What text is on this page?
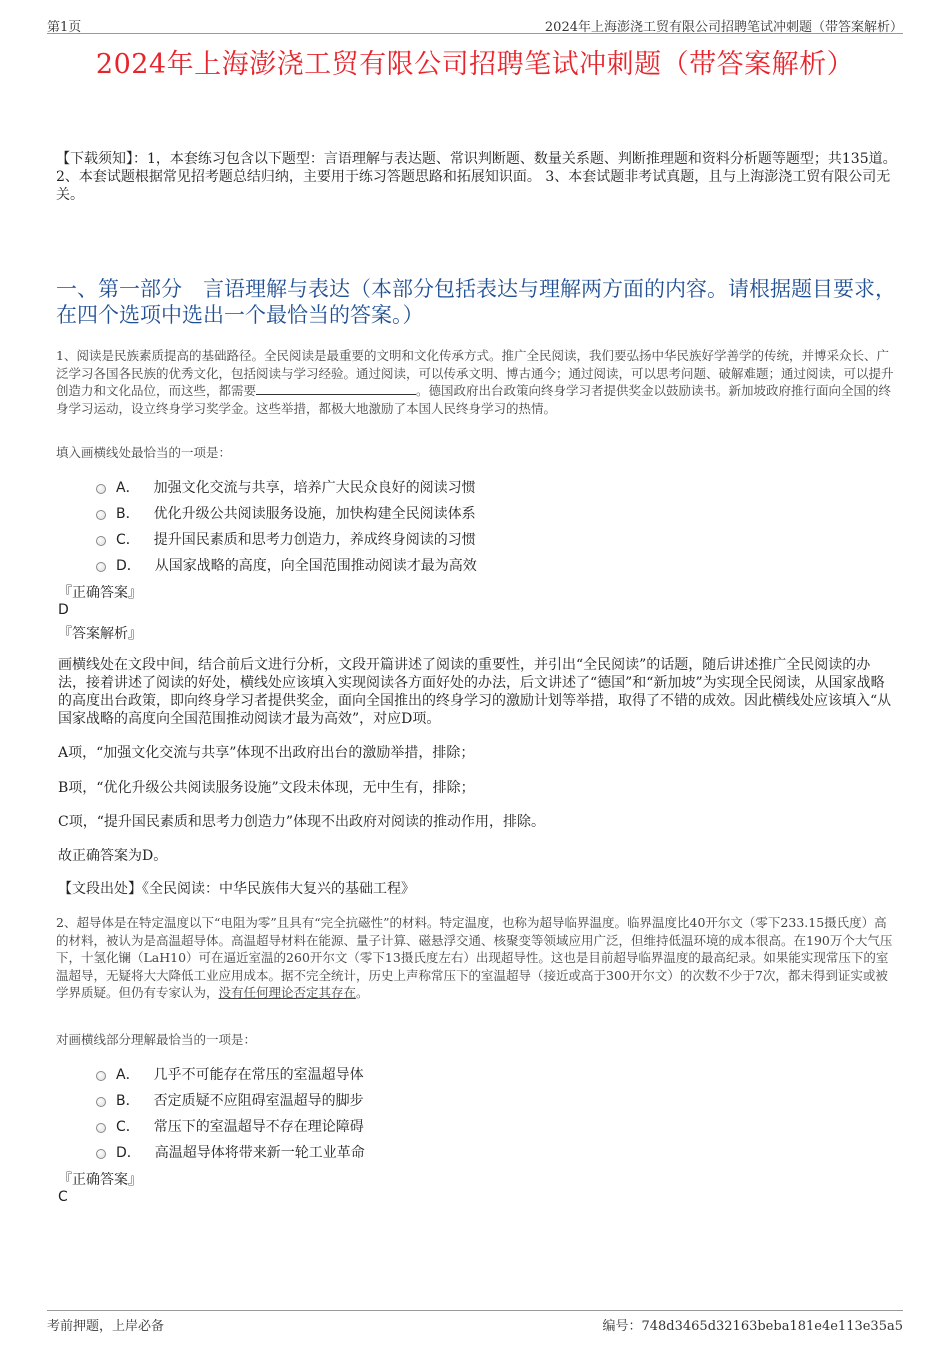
第1页	2024年上海澎浇工贸有限公司招聘笔试冲刺题（带答案解析）
2024年上海澎浇工贸有限公司招聘笔试冲刺题（带答案解析）
【下载须知】：1，本套练习包含以下题型：言语理解与表达题、常识判断题、数量关系题、判断推理题和资料分析题等题型；共135道。 2、本套试题根据常见招考题总结归纳，主要用于练习答题思路和拓展知识面。 3、本套试题非考试真题，且与上海澎浇工贸有限公司无关。
一、第一部分　言语理解与表达（本部分包括表达与理解两方面的内容。请根据题目要求，在四个选项中选出一个最恰当的答案。）
1、阅读是民族素质提高的基础路径。全民阅读是最重要的文明和文化传承方式。推广全民阅读，我们要弘扬中华民族好学善学的传统，并博采众长、广泛学习各国各民族的优秀文化，包括阅读与学习经验。通过阅读，可以传承文明、博古通今；通过阅读，可以思考问题、破解难题；通过阅读，可以提升创造力和文化品位，而这些，都需要	。德国政府出台政策向终身学习者提供奖金以鼓励读书。新加坡政府推行面向全国的终身学习运动，设立终身学习奖学金。这些举措，都极大地激励了本国人民终身学习的热情。
填入画横线处最恰当的一项是：
A． 加强文化交流与共享，培养广大民众良好的阅读习惯
B． 优化升级公共阅读服务设施，加快构建全民阅读体系
C． 提升国民素质和思考力创造力，养成终身阅读的习惯
D． 从国家战略的高度，向全国范围推动阅读才最为高效
『正确答案』
D
『答案解析』
画横线处在文段中间，结合前后文进行分析，文段开篇讲述了阅读的重要性，并引出“全民阅读”的话题，随后讲述推广全民阅读的办法，接着讲述了阅读的好处，横线处应该填入实现阅读各方面好处的办法，后文讲述了“德国”和“新加坡”为实现全民阅读，从国家战略的高度出台政策，即向终身学习者提供奖金，面向全国推出的终身学习的激励计划等举措，取得了不错的成效。因此横线处应该填入“从国家战略的高度向全国范围推动阅读才最为高效”，对应D项。
A项，“加强文化交流与共享”体现不出政府出台的激励举措，排除；
B项，“优化升级公共阅读服务设施”文段未体现，无中生有，排除；
C项，“提升国民素质和思考力创造力”体现不出政府对阅读的推动作用，排除。
故正确答案为D。
【文段出处】《全民阅读：中华民族伟大复兴的基础工程》
2、超导体是在特定温度以下“电阻为零”且具有“完全抗磁性”的材料。特定温度，也称为超导临界温度。临界温度比40开尔文（零下233.15摄氏度）高的材料，被认为是高温超导体。高温超导材料在能源、量子计算、磁悬浮交通、核聚变等领域应用广泛，但维持低温环境的成本很高。在190万个大气压下，十氢化镧（LaH10）可在逼近室温的260开尔文（零下13摄氏度左右）出现超导性。这也是目前超导临界温度的最高纪录。如果能实现常压下的室温超导，无疑将大大降低工业应用成本。据不完全统计，历史上声称常压下的室温超导（接近或高于300开尔文）的次数不少于7次，都未得到证实或被学界质疑。但仍有专家认为，没有任何理论否定其存在。
对画横线部分理解最恰当的一项是：
A． 几乎不可能存在常压的室温超导体
B． 否定质疑不应阻碍室温超导的脚步
C． 常压下的室温超导不存在理论障碍
D． 高温超导体将带来新一轮工业革命
『正确答案』
C
考前押题，上岸必备	编号：748d3465d32163beba181e4e113e35a5
